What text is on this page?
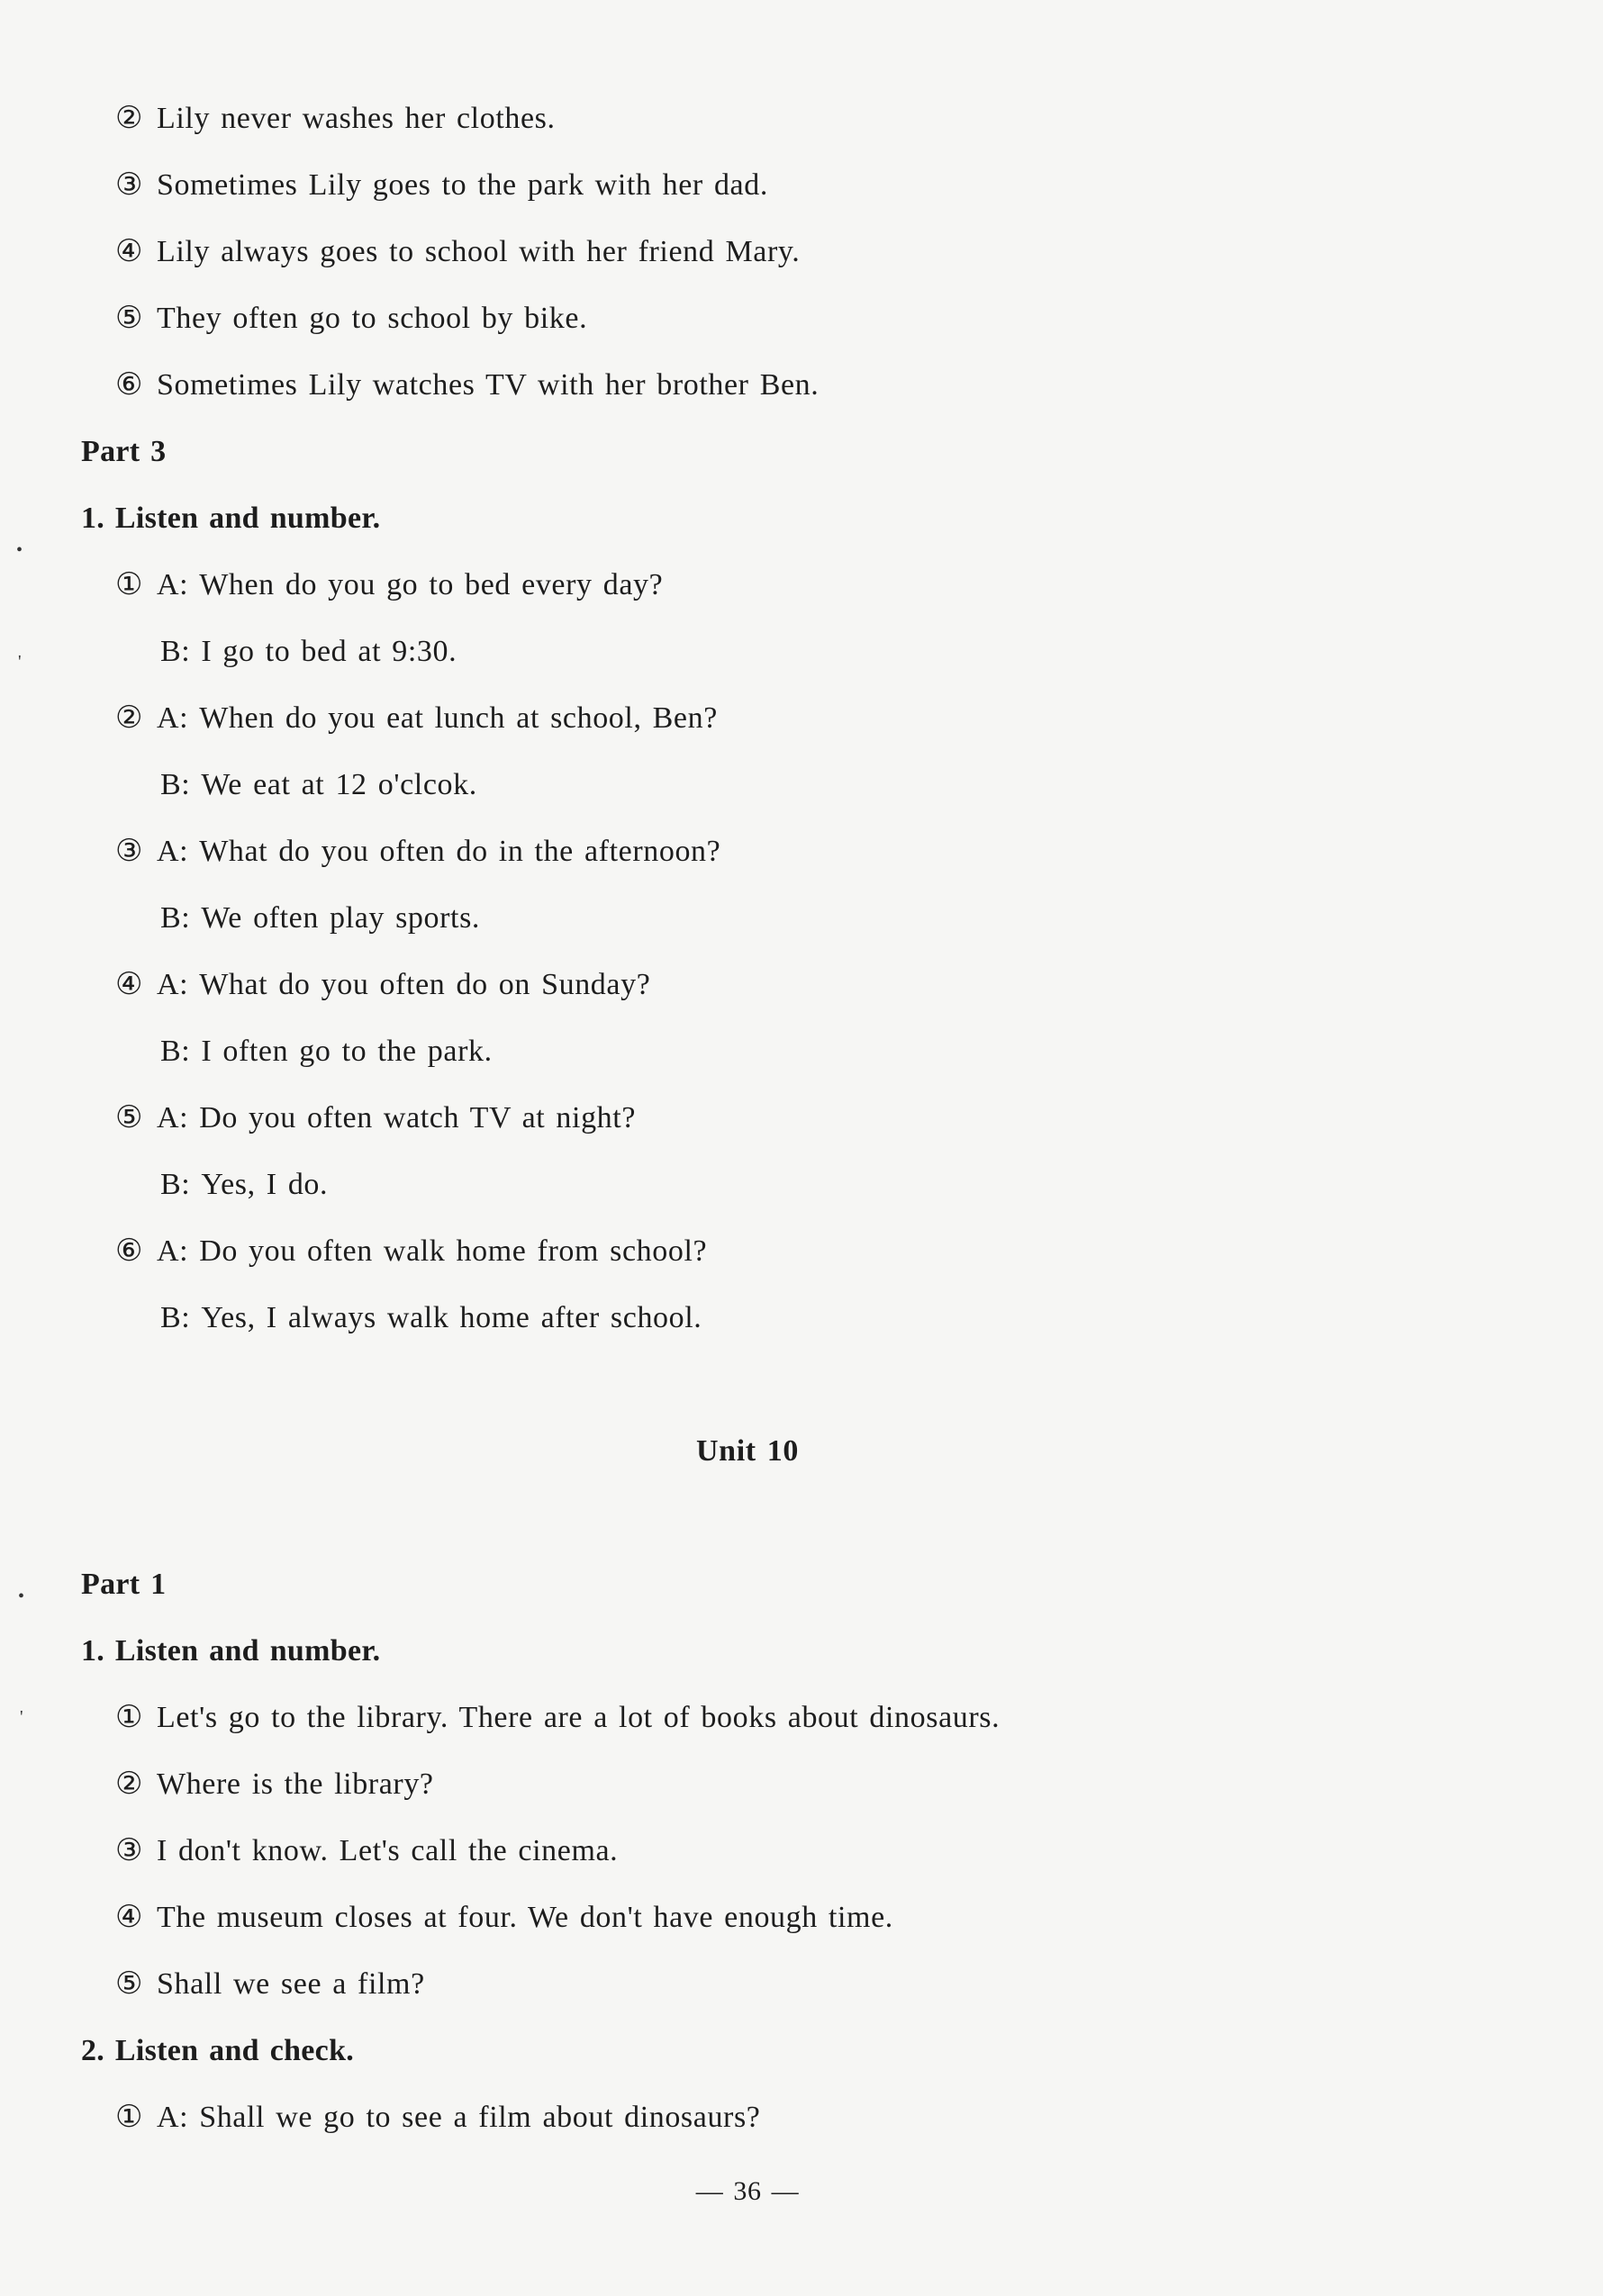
② Lily never washes her clothes.
③ Sometimes Lily goes to the park with her dad.
④ Lily always goes to school with her friend Mary.
⑤ They often go to school by bike.
⑥ Sometimes Lily watches TV with her brother Ben.
Part 3
1. Listen and number.
① A: When do you go to bed every day?
B: I go to bed at 9:30.
② A: When do you eat lunch at school, Ben?
B: We eat at 12 o'clcok.
③ A: What do you often do in the afternoon?
B: We often play sports.
④ A: What do you often do on Sunday?
B: I often go to the park.
⑤ A: Do you often watch TV at night?
B: Yes, I do.
⑥ A: Do you often walk home from school?
B: Yes, I always walk home after school.
Unit 10
Part 1
1. Listen and number.
① Let's go to the library. There are a lot of books about dinosaurs.
② Where is the library?
③ I don't know. Let's call the cinema.
④ The museum closes at four. We don't have enough time.
⑤ Shall we see a film?
2. Listen and check.
① A: Shall we go to see a film about dinosaurs?
— 36 —
•
'
•
'
